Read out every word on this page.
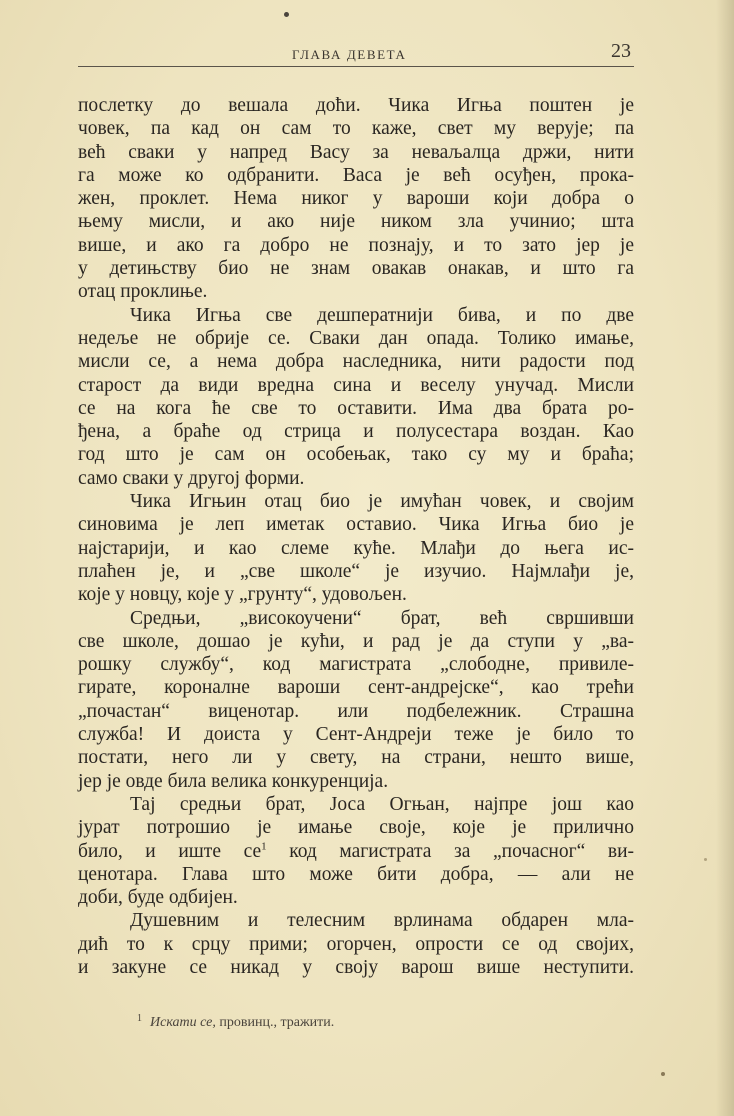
ГЛАВА ДЕВЕТА	23
послетку до вешала доћи. Чика Игња поштен је
човек, па кад он сам то каже, свет му верује; па
већ сваки у напред Васу за неваљалца држи, нити
га може ко одбранити. Васа је већ осуђен, прока-
жен, проклет. Нема никог у вароши који добра о
њему мисли, и ако није ником зла учинио; шта
више, и ако га добро не познају, и то зато јер је
у детињству био не знам овакав онакав, и што га
отац проклиње.
Чика Игња све дешператнији бива, и по две
недеље не обрије се. Сваки дан опада. Толико имање,
мисли се, а нема добра наследника, нити радости под
старост да види вредна сина и веселу унучад. Мисли
се на кога ће све то оставити. Има два брата ро-
ђена, а браће од стрица и полусестара воздан. Као
год што је сам он особењак, тако су му и браћа;
само сваки у другој форми.
Чика Игњин отац био је имућан човек, и својим
синовима је леп иметак оставио. Чика Игња био је
најстарији, и као слеме куће. Млађи до њега ис-
плаћен је, и „све школе“ је изучио. Најмлађи је,
које у новцу, које у „грунту“, удовољен.
Средњи, „високоучени“ брат, већ свршивши
све школе, дошао је кући, и рад је да ступи у „ва-
рошку службу“, код магистрата „слободне, привиле-
гирате, короналне вароши сент-андрејске“, као трећи
„почастан“ виценотар. или подбележник. Страшна
служба! И доиста у Сент-Андреји теже је било то
постати, него ли у свету, на страни, нешто више,
јер је овде била велика конкуренција.
Тај средњи брат, Јоса Огњан, најпре још као
јурат потрошио је имање своје, које је прилично
било, и иште $се^1$ код магистрата за „почасног“ ви-
ценотара. Глава што може бити добра, — али не
доби, буде одбијен.
Душевним и телесним врлинама обдарен мла-
дић то к срцу прими; огорчен, опрости се од својих,
и закуне се никад у своју варош више нeступити.
$^1$ Искати се, провинц., тражити.
